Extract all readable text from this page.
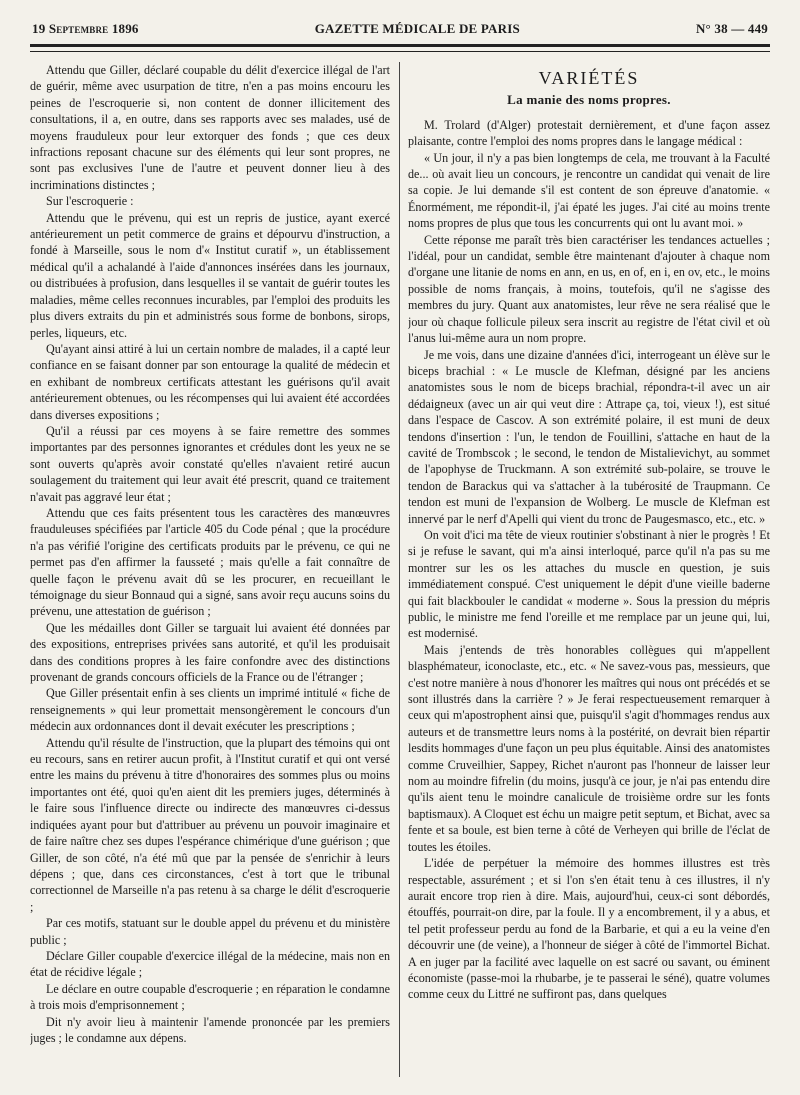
19 Septembre 1896	GAZETTE MÉDICALE DE PARIS	N° 38 — 449

Attendu que Giller, déclaré coupable du délit d'exercice illégal de l'art de guérir, même avec usurpation de titre, n'en a pas moins encouru les peines de l'escroquerie si, non content de donner illicitement des consultations, il a, en outre, dans ses rapports avec ses malades, usé de moyens frauduleux pour leur extorquer des fonds ; que ces deux infractions reposant chacune sur des éléments qui leur sont propres, ne sont pas exclusives l'une de l'autre et peuvent donner lieu à des incriminations distinctes ;

Sur l'escroquerie :

Attendu que le prévenu, qui est un repris de justice, ayant exercé antérieurement un petit commerce de grains et dépourvu d'instruction, a fondé à Marseille, sous le nom d'« Institut curatif », un établissement médical qu'il a achalandé à l'aide d'annonces insérées dans les journaux, ou distribuées à profusion, dans lesquelles il se vantait de guérir toutes les maladies, même celles reconnues incurables, par l'emploi des produits les plus divers extraits du pin et administrés sous forme de bonbons, sirops, perles, liqueurs, etc.

Qu'ayant ainsi attiré à lui un certain nombre de malades, il a capté leur confiance en se faisant donner par son entourage la qualité de médecin et en exhibant de nombreux certificats attestant les guérisons qu'il avait antérieurement obtenues, ou les récompenses qui lui avaient été accordées dans diverses expositions ;

Qu'il a réussi par ces moyens à se faire remettre des sommes importantes par des personnes ignorantes et crédules dont les yeux ne se sont ouverts qu'après avoir constaté qu'elles n'avaient retiré aucun soulagement du traitement qui leur avait été prescrit, quand ce traitement n'avait pas aggravé leur état ;

Attendu que ces faits présentent tous les caractères des manœuvres frauduleuses spécifiées par l'article 405 du Code pénal ; que la procédure n'a pas vérifié l'origine des certificats produits par le prévenu, ce qui ne permet pas d'en affirmer la fausseté ; mais qu'elle a fait connaître de quelle façon le prévenu avait dû se les procurer, en recueillant le témoignage du sieur Bonnaud qui a signé, sans avoir reçu aucuns soins du prévenu, une attestation de guérison ;

Que les médailles dont Giller se targuait lui avaient été données par des expositions, entreprises privées sans autorité, et qu'il les produisait dans des conditions propres à les faire confondre avec des distinctions provenant de grands concours officiels de la France ou de l'étranger ;

Que Giller présentait enfin à ses clients un imprimé intitulé « fiche de renseignements » qui leur promettait mensongèrement le concours d'un médecin aux ordonnances dont il devait exécuter les prescriptions ;

Attendu qu'il résulte de l'instruction, que la plupart des témoins qui ont eu recours, sans en retirer aucun profit, à l'Institut curatif et qui ont versé entre les mains du prévenu à titre d'honoraires des sommes plus ou moins importantes ont été, quoi qu'en aient dit les premiers juges, déterminés à le faire sous l'influence directe ou indirecte des manœuvres ci-dessus indiquées ayant pour but d'attribuer au prévenu un pouvoir imaginaire et de faire naître chez ses dupes l'espérance chimérique d'une guérison ; que Giller, de son côté, n'a été mû que par la pensée de s'enrichir à leurs dépens ; que, dans ces circonstances, c'est à tort que le tribunal correctionnel de Marseille n'a pas retenu à sa charge le délit d'escroquerie ;

Par ces motifs, statuant sur le double appel du prévenu et du ministère public ;

Déclare Giller coupable d'exercice illégal de la médecine, mais non en état de récidive légale ;

Le déclare en outre coupable d'escroquerie ; en réparation le condamne à trois mois d'emprisonnement ;

Dit n'y avoir lieu à maintenir l'amende prononcée par les premiers juges ; le condamne aux dépens.

VARIÉTÉS
La manie des noms propres.

M. Trolard (d'Alger) protestait dernièrement, et d'une façon assez plaisante, contre l'emploi des noms propres dans le langage médical :

« Un jour, il n'y a pas bien longtemps de cela, me trouvant à la Faculté de... où avait lieu un concours, je rencontre un candidat qui venait de lire sa copie. Je lui demande s'il est content de son épreuve d'anatomie. « Énormément, me répondit-il, j'ai épaté les juges. J'ai cité au moins trente noms propres de plus que tous les concurrents qui ont lu avant moi. »

Cette réponse me paraît très bien caractériser les tendances actuelles ; l'idéal, pour un candidat, semble être maintenant d'ajouter à chaque nom d'organe une litanie de noms en ann, en us, en of, en i, en ov, etc., le moins possible de noms français, à moins, toutefois, qu'il ne s'agisse des membres du jury. Quant aux anatomistes, leur rêve ne sera réalisé que le jour où chaque follicule pileux sera inscrit au registre de l'état civil et où l'anus lui-même aura un nom propre.

Je me vois, dans une dizaine d'années d'ici, interrogeant un élève sur le biceps brachial : « Le muscle de Klefman, désigné par les anciens anatomistes sous le nom de biceps brachial, répondra-t-il avec un air dédaigneux (avec un air qui veut dire : Attrape ça, toi, vieux !), est situé dans l'espace de Cascov. A son extrémité polaire, il est muni de deux tendons d'insertion : l'un, le tendon de Fouillini, s'attache en haut de la cavité de Trombscok ; le second, le tendon de Mistalievichyt, au sommet de l'apophyse de Truckmann. A son extrémité sub-polaire, se trouve le tendon de Barackus qui va s'attacher à la tubérosité de Traupmann. Ce tendon est muni de l'expansion de Wolberg. Le muscle de Klefman est innervé par le nerf d'Apelli qui vient du tronc de Paugesmasco, etc., etc. »

On voit d'ici ma tête de vieux routinier s'obstinant à nier le progrès ! Et si je refuse le savant, qui m'a ainsi interloqué, parce qu'il n'a pas su me montrer sur les os les attaches du muscle en question, je suis immédiatement conspué. C'est uniquement le dépit d'une vieille baderne qui fait blackbouler le candidat « moderne ». Sous la pression du mépris public, le ministre me fend l'oreille et me remplace par un jeune qui, lui, est modernisé.

Mais j'entends de très honorables collègues qui m'appellent blasphémateur, iconoclaste, etc., etc. « Ne savez-vous pas, messieurs, que c'est notre manière à nous d'honorer les maîtres qui nous ont précédés et se sont illustrés dans la carrière ? » Je ferai respectueusement remarquer à ceux qui m'apostrophent ainsi que, puisqu'il s'agit d'hommages rendus aux auteurs et de transmettre leurs noms à la postérité, on devrait bien répartir lesdits hommages d'une façon un peu plus équitable. Ainsi des anatomistes comme Cruveilhier, Sappey, Richet n'auront pas l'honneur de laisser leur nom au moindre fifrelin (du moins, jusqu'à ce jour, je n'ai pas entendu dire qu'ils aient tenu le moindre canalicule de troisième ordre sur les fonts baptismaux). A Cloquet est échu un maigre petit septum, et Bichat, avec sa fente et sa boule, est bien terne à côté de Verheyen qui brille de l'éclat de toutes les étoiles.

L'idée de perpétuer la mémoire des hommes illustres est très respectable, assurément ; et si l'on s'en était tenu à ces illustres, il n'y aurait encore trop rien à dire. Mais, aujourd'hui, ceux-ci sont débordés, étouffés, pourrait-on dire, par la foule. Il y a encombrement, il y a abus, et tel petit professeur perdu au fond de la Barbarie, et qui a eu la veine d'en découvrir une (de veine), a l'honneur de siéger à côté de l'immortel Bichat. A en juger par la facilité avec laquelle on est sacré ou savant, ou éminent économiste (passe-moi la rhubarbe, je te passerai le séné), quatre volumes comme ceux du Littré ne suffiront pas, dans quelques
